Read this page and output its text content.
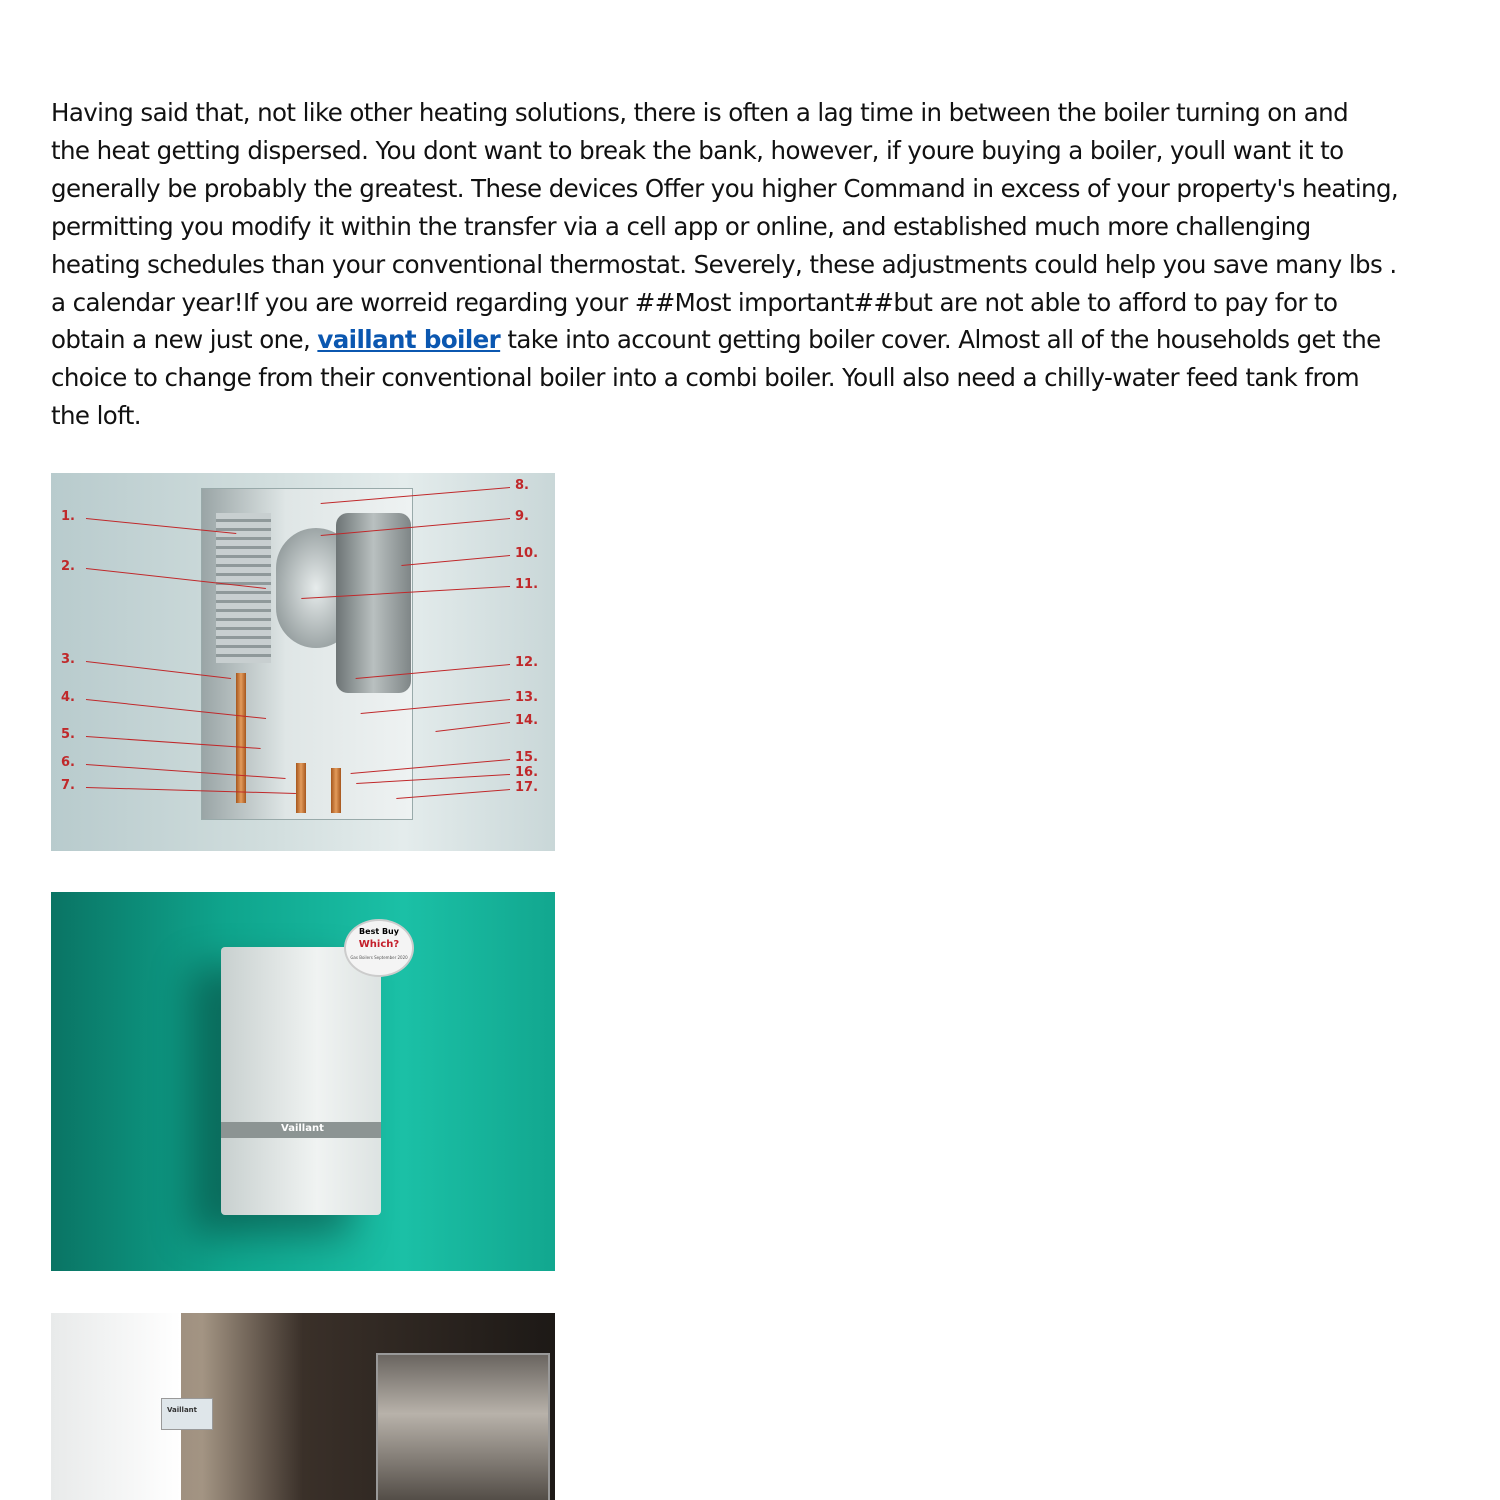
Having said that, not like other heating solutions, there is often a lag time in between the boiler turning on and
the heat getting dispersed. You dont want to break the bank, however, if youre buying a boiler, youll want it to
generally be probably the greatest. These devices Offer you higher Command in excess of your property's heating,
permitting you modify it within the transfer via a cell app or online, and established much more challenging
heating schedules than your conventional thermostat. Severely, these adjustments could help you save many lbs .
a calendar year!If you are worreid regarding your ##Most important##but are not able to afford to pay for to
obtain a new just one, vaillant boiler take into account getting boiler cover. Almost all of the households get the
choice to change from their conventional boiler into a combi boiler. Youll also need a chilly-water feed tank from
the loft.
1.
2.
3.
4.
5.
6.
7.
8.
9.
10.
11.
12.
13.
14.
15.
16.
17.
Vaillant
Best Buy
Which?
Gas Boilers September 2020
Vaillant
